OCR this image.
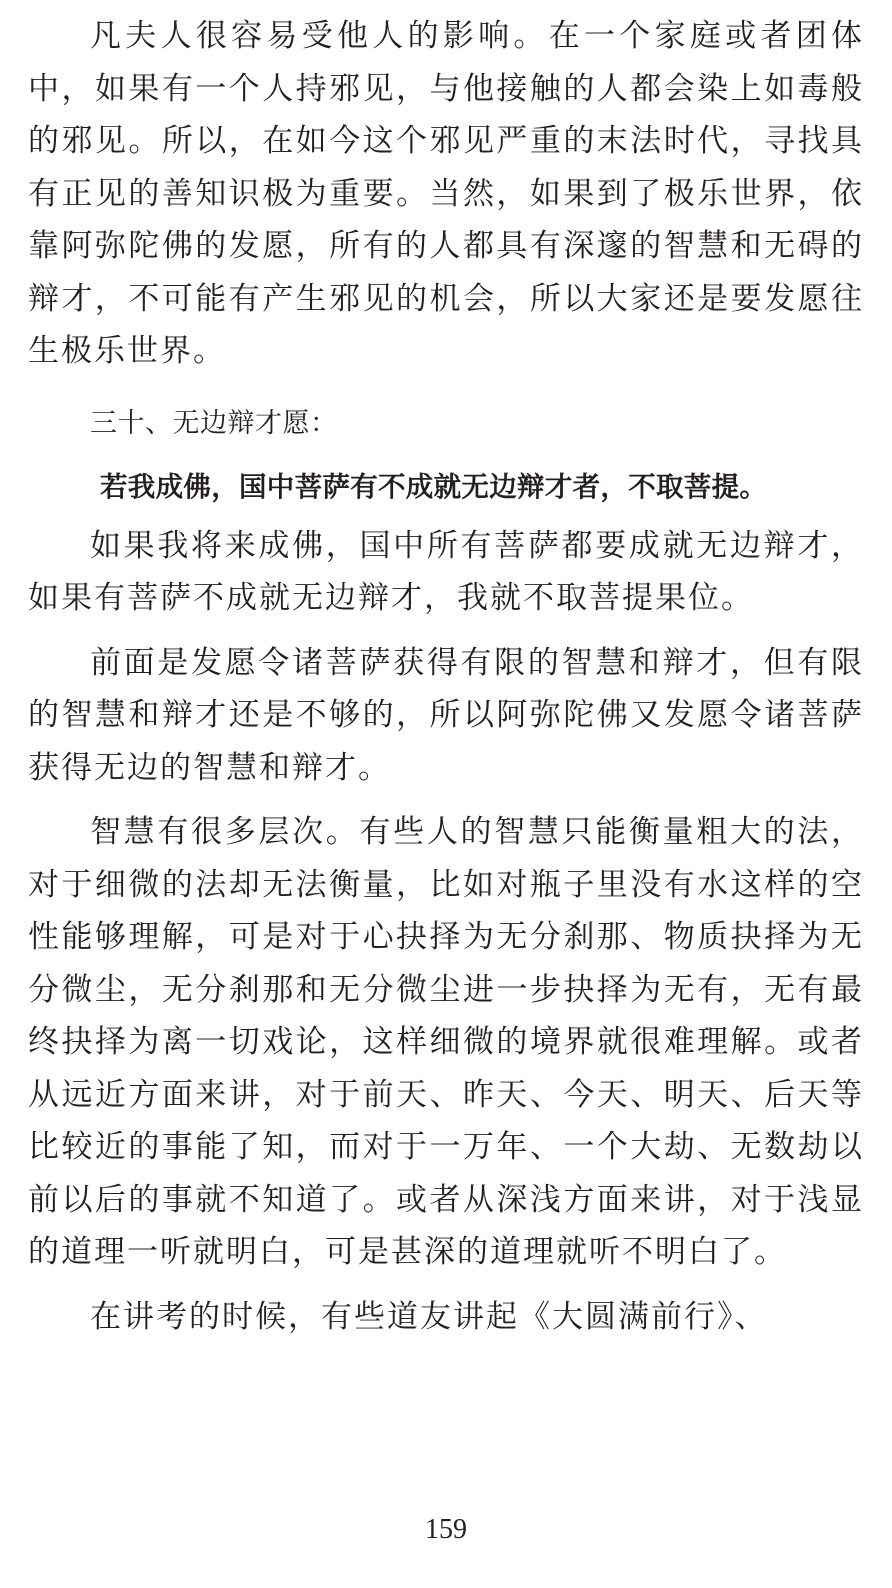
凡夫人很容易受他人的影响。在一个家庭或者团体中，如果有一个人持邪见，与他接触的人都会染上如毒般的邪见。所以，在如今这个邪见严重的末法时代，寻找具有正见的善知识极为重要。当然，如果到了极乐世界，依靠阿弥陀佛的发愿，所有的人都具有深邃的智慧和无碍的辩才，不可能有产生邪见的机会，所以大家还是要发愿往生极乐世界。

三十、无边辩才愿：
若我成佛，国中菩萨有不成就无边辩才者，不取菩提。

如果我将来成佛，国中所有菩萨都要成就无边辩才，如果有菩萨不成就无边辩才，我就不取菩提果位。

前面是发愿令诸菩萨获得有限的智慧和辩才，但有限的智慧和辩才还是不够的，所以阿弥陀佛又发愿令诸菩萨获得无边的智慧和辩才。

智慧有很多层次。有些人的智慧只能衡量粗大的法，对于细微的法却无法衡量，比如对瓶子里没有水这样的空性能够理解，可是对于心抉择为无分刹那、物质抉择为无分微尘，无分刹那和无分微尘进一步抉择为无有，无有最终抉择为离一切戏论，这样细微的境界就很难理解。或者从远近方面来讲，对于前天、昨天、今天、明天、后天等比较近的事能了知，而对于一万年、一个大劫、无数劫以前以后的事就不知道了。或者从深浅方面来讲，对于浅显的道理一听就明白，可是甚深的道理就听不明白了。

在讲考的时候，有些道友讲起《大圆满前行》、

159
